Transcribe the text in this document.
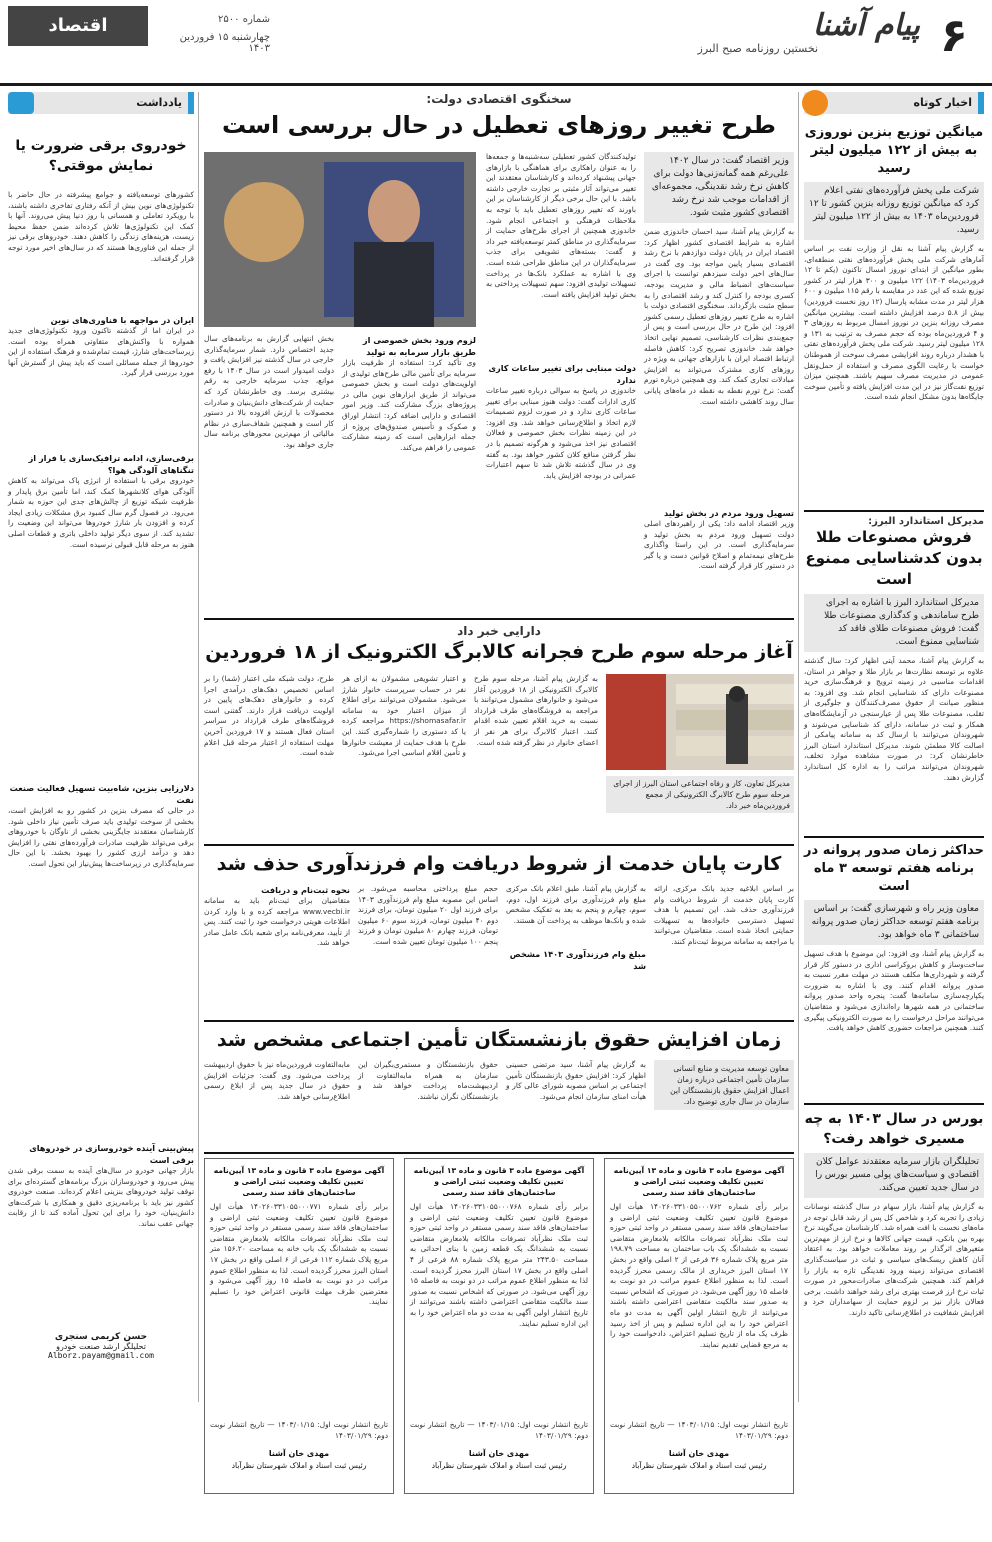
۶
پیام آشنا
نخستین روزنامه صبح البرز
شماره ۲۵۰۰
چهارشنبه ۱۵ فروردین ۱۴۰۳
اقتصاد
اخبار کوتاه
میانگین توزیع بنزین نوروزی به بیش از ۱۲۲ میلیون لیتر رسید
شرکت ملی پخش فرآورده‌های نفتی اعلام کرد که میانگین توزیع روزانه بنزین کشور تا ۱۲ فروردین‌ماه ۱۴۰۳ به بیش از ۱۲۲ میلیون لیتر رسید.
به گزارش پیام آشنا به نقل از وزارت نفت بر اساس آمارهای شرکت ملی پخش فرآورده‌های نفتی منطقه‌ای، بطور میانگین از ابتدای نوروز امسال تاکنون (یکم تا ۱۲ فروردین‌ماه ۱۴۰۳) ۱۲۲ میلیون و ۳۰۰ هزار لیتر در کشور توزیع شده که این عدد در مقایسه با رقم ۱۱۵ میلیون و ۶۰۰ هزار لیتر در مدت مشابه پارسال (۱۲ روز نخست فروردین) بیش از ۵.۸ درصد افزایش داشته است. بیشترین میانگین مصرف روزانه بنزین در نوروز امسال مربوط به روزهای ۳ و ۴ فروردین‌ماه بوده که حجم مصرف به ترتیب به ۱۳۱ و ۱۲۸ میلیون لیتر رسید. شرکت ملی پخش فرآورده‌های نفتی با هشدار درباره روند افزایشی مصرف سوخت از هموطنان خواست با رعایت الگوی مصرف و استفاده از حمل‌ونقل عمومی در مدیریت مصرف سهیم باشند. همچنین میزان توزیع نفت‌گاز نیز در این مدت افزایش یافته و تأمین سوخت جایگاه‌ها بدون مشکل انجام شده است.
مدیرکل استاندارد البرز:
فروش مصنوعات طلا بدون کدشناسایی ممنوع است
مدیرکل استاندارد البرز با اشاره به اجرای طرح ساماندهی و کدگذاری مصنوعات طلا گفت: فروش مصنوعات طلای فاقد کد شناسایی ممنوع است.
به گزارش پیام آشنا، محمد آیتی اظهار کرد: سال گذشته علاوه بر توسعه نظارت‌ها بر بازار طلا و جواهر در استان، اقدامات مناسبی در زمینه ترویج و فرهنگ‌سازی خرید مصنوعات دارای کد شناسایی انجام شد. وی افزود: به منظور صیانت از حقوق مصرف‌کنندگان و جلوگیری از تقلب، مصنوعات طلا پس از عیارسنجی در آزمایشگاه‌های همکار و ثبت در سامانه، دارای کد شناسایی می‌شوند و شهروندان می‌توانند با ارسال کد به سامانه پیامکی از اصالت کالا مطمئن شوند. مدیرکل استاندارد استان البرز خاطرنشان کرد: در صورت مشاهده موارد تخلف، شهروندان می‌توانند مراتب را به اداره کل استاندارد گزارش دهند.
حداکثر زمان صدور پروانه در برنامه هفتم توسعه ۳ ماه است
معاون وزیر راه و شهرسازی گفت: بر اساس برنامه هفتم توسعه حداکثر زمان صدور پروانه ساختمانی ۳ ماه خواهد بود.
به گزارش پیام آشنا، وی افزود: این موضوع با هدف تسهیل ساخت‌وساز و کاهش بروکراسی اداری در دستور کار قرار گرفته و شهرداری‌ها مکلف هستند در مهلت مقرر نسبت به صدور پروانه اقدام کنند. وی با اشاره به ضرورت یکپارچه‌سازی سامانه‌ها گفت: پنجره واحد صدور پروانه ساختمانی در همه شهرها راه‌اندازی می‌شود و متقاضیان می‌توانند مراحل درخواست را به صورت الکترونیکی پیگیری کنند. همچنین مراجعات حضوری کاهش خواهد یافت.
بورس در سال ۱۴۰۳ به چه مسیری خواهد رفت؟
تحلیلگران بازار سرمایه معتقدند عوامل کلان اقتصادی و سیاست‌های پولی مسیر بورس را در سال جدید تعیین می‌کند.
به گزارش پیام آشنا، بازار سهام در سال گذشته نوسانات زیادی را تجربه کرد و شاخص کل پس از رشد قابل توجه در ماه‌های نخست با افت همراه شد. کارشناسان می‌گویند نرخ بهره بین بانکی، قیمت جهانی کالاها و نرخ ارز از مهم‌ترین متغیرهای اثرگذار بر روند معاملات خواهد بود. به اعتقاد آنان کاهش ریسک‌های سیاسی و ثبات در سیاست‌گذاری اقتصادی می‌تواند زمینه ورود نقدینگی تازه به بازار را فراهم کند. همچنین شرکت‌های صادرات‌محور در صورت ثبات نرخ ارز فرصت بهتری برای رشد خواهند داشت. برخی فعالان بازار نیز بر لزوم حمایت از سهامداران خرد و افزایش شفافیت در اطلاع‌رسانی تاکید دارند.
یادداشت
خودروی برقی ضرورت یا نمایش موقتی؟
کشورهای توسعه‌یافته و جوامع پیشرفته در حال حاضر با تکنولوژی‌های نوین بیش از آنکه رفتاری تفاخری داشته باشند، با رویکرد تعاملی و همسانی با روز دنیا پیش می‌روند. آنها با کمک این تکنولوژی‌ها تلاش کرده‌اند ضمن حفظ محیط زیست، هزینه‌های زندگی را کاهش دهند. خودروهای برقی نیز از جمله این فناوری‌ها هستند که در سال‌های اخیر مورد توجه قرار گرفته‌اند.
ایران در مواجهه با فناوری‌های نوین
در ایران اما از گذشته تاکنون ورود تکنولوژی‌های جدید همواره با واکنش‌های متفاوتی همراه بوده است. زیرساخت‌های شارژ، قیمت تمام‌شده و فرهنگ استفاده از این خودروها از جمله مسائلی است که باید پیش از گسترش آنها مورد بررسی قرار گیرد.
برقی‌سازی، ادامه ترافیک‌سازی یا فرار از تنگناهای آلودگی هوا؟
خودروی برقی با استفاده از انرژی پاک می‌تواند به کاهش آلودگی هوای کلانشهرها کمک کند، اما تأمین برق پایدار و ظرفیت شبکه توزیع از چالش‌های جدی این حوزه به شمار می‌رود. در فصول گرم سال کمبود برق مشکلات زیادی ایجاد کرده و افزودن بار شارژ خودروها می‌تواند این وضعیت را تشدید کند. از سوی دیگر تولید داخلی باتری و قطعات اصلی هنوز به مرحله قابل قبولی نرسیده است.
دلارزایی بنزین، شاه‌بیت تسهیل فعالیت صنعت نفت
در حالی که مصرف بنزین در کشور رو به افزایش است، بخشی از سوخت تولیدی باید صرف تأمین نیاز داخلی شود. کارشناسان معتقدند جایگزینی بخشی از ناوگان با خودروهای برقی می‌تواند ظرفیت صادرات فرآورده‌های نفتی را افزایش دهد و درآمد ارزی کشور را بهبود بخشد. با این حال سرمایه‌گذاری در زیرساخت‌ها پیش‌نیاز این تحول است.
پیش‌بینی آینده خودروسازی در خودروهای برقی است
بازار جهانی خودرو در سال‌های آینده به سمت برقی شدن پیش می‌رود و خودروسازان بزرگ برنامه‌های گسترده‌ای برای توقف تولید خودروهای بنزینی اعلام کرده‌اند. صنعت خودروی کشور نیز باید با برنامه‌ریزی دقیق و همکاری با شرکت‌های دانش‌بنیان، خود را برای این تحول آماده کند تا از رقابت جهانی عقب نماند.
حسن کریمی سنجری
تحلیلگر ارشد صنعت خودرو
Alborz.payam@gmail.com
سخنگوی اقتصادی دولت:
طرح تغییر روزهای تعطیل در حال بررسی است
وزیر اقتصاد گفت: در سال ۱۴۰۲ علی‌رغم همه گمانه‌زنی‌ها دولت برای کاهش نرخ رشد نقدینگی، مجموعه‌ای از اقدامات موجب شد نرخ رشد اقتصادی کشور مثبت شود.
به گزارش پیام آشنا، سید احسان خاندوزی ضمن اشاره به شرایط اقتصادی کشور اظهار کرد: اقتصاد ایران در پایان دولت دوازدهم با نرخ رشد اقتصادی بسیار پایین مواجه بود. وی گفت در سال‌های اخیر دولت سیزدهم توانست با اجرای سیاست‌های انضباط مالی و مدیریت بودجه، کسری بودجه را کنترل کند و رشد اقتصادی را به سطح مثبت بازگرداند. سخنگوی اقتصادی دولت با اشاره به طرح تغییر روزهای تعطیل رسمی کشور افزود: این طرح در حال بررسی است و پس از جمع‌بندی نظرات کارشناسی، تصمیم نهایی اتخاذ خواهد شد. خاندوزی تصریح کرد: کاهش فاصله ارتباط اقتصاد ایران با بازارهای جهانی به ویژه در روزهای کاری مشترک می‌تواند به افزایش مبادلات تجاری کمک کند. وی همچنین درباره تورم گفت: نرخ تورم نقطه به نقطه در ماه‌های پایانی سال روند کاهشی داشته است.
تسهیل ورود مردم در بخش تولید
وزیر اقتصاد ادامه داد: یکی از راهبردهای اصلی دولت تسهیل ورود مردم به بخش تولید و سرمایه‌گذاری است. در این راستا واگذاری طرح‌های نیمه‌تمام و اصلاح قوانین دست و پا گیر در دستور کار قرار گرفته است.
تولیدکنندگان کشور تعطیلی سه‌شنبه‌ها و جمعه‌ها را به عنوان راهکاری برای هماهنگی با بازارهای جهانی پیشنهاد کرده‌اند و کارشناسان معتقدند این تغییر می‌تواند آثار مثبتی بر تجارت خارجی داشته باشد. با این حال برخی دیگر از کارشناسان بر این باورند که تغییر روزهای تعطیل باید با توجه به ملاحظات فرهنگی و اجتماعی انجام شود. خاندوزی همچنین از اجرای طرح‌های حمایت از سرمایه‌گذاری در مناطق کمتر توسعه‌یافته خبر داد و گفت: بسته‌های تشویقی برای جذب سرمایه‌گذاران در این مناطق طراحی شده است. وی با اشاره به عملکرد بانک‌ها در پرداخت تسهیلات تولیدی افزود: سهم تسهیلات پرداختی به بخش تولید افزایش یافته است.
دولت مبنایی برای تغییر ساعات کاری ندارد
خاندوزی در پاسخ به سوالی درباره تغییر ساعات کاری ادارات گفت: دولت هنوز مبنایی برای تغییر ساعات کاری ندارد و در صورت لزوم تصمیمات لازم اتخاذ و اطلاع‌رسانی خواهد شد. وی افزود: در این زمینه نظرات بخش خصوصی و فعالان اقتصادی نیز اخذ می‌شود و هرگونه تصمیم با در نظر گرفتن منافع کلان کشور خواهد بود. به گفته وی در سال گذشته تلاش شد تا سهم اعتبارات عمرانی در بودجه افزایش یابد.
لزوم ورود بخش خصوصی از طریق بازار سرمایه به تولید
وی تأکید کرد: استفاده از ظرفیت بازار سرمایه برای تأمین مالی طرح‌های تولیدی از اولویت‌های دولت است و بخش خصوصی می‌تواند از طریق ابزارهای نوین مالی در پروژه‌های بزرگ مشارکت کند. وزیر امور اقتصادی و دارایی اضافه کرد: انتشار اوراق و صکوک و تأسیس صندوق‌های پروژه از جمله ابزارهایی است که زمینه مشارکت عمومی را فراهم می‌کند.
بخش انتهایی گزارش به برنامه‌های سال جدید اختصاص دارد. شمار سرمایه‌گذاری خارجی در سال گذشته نیز افزایش یافت و دولت امیدوار است در سال ۱۴۰۳ با رفع موانع، جذب سرمایه خارجی به رقم بیشتری برسد. وی خاطرنشان کرد که حمایت از شرکت‌های دانش‌بنیان و صادرات محصولات با ارزش افزوده بالا در دستور کار است و همچنین شفاف‌سازی در نظام مالیاتی از مهم‌ترین محورهای برنامه سال جاری خواهد بود.
دارایی خبر داد
آغاز مرحله سوم طرح فجرانه کالابرگ الکترونیک از ۱۸ فروردین
مدیرکل تعاون، کار و رفاه اجتماعی استان البرز از اجرای مرحله سوم طرح کالابرگ الکترونیکی از مجمع فروردین‌ماه خبر داد.
به گزارش پیام آشنا، مرحله سوم طرح کالابرگ الکترونیکی از ۱۸ فروردین آغاز می‌شود و خانوارهای مشمول می‌توانند با مراجعه به فروشگاه‌های طرف قرارداد نسبت به خرید اقلام تعیین شده اقدام کنند. اعتبار کالابرگ برای هر نفر از اعضای خانوار در نظر گرفته شده است.
و اعتبار تشویقی مشمولان به ازای هر نفر در حساب سرپرست خانوار شارژ می‌شود. مشمولان می‌توانند برای اطلاع از میزان اعتبار خود به سامانه https://shomasafar.ir مراجعه کرده یا کد دستوری را شماره‌گیری کنند. این طرح با هدف حمایت از معیشت خانوارها و تأمین اقلام اساسی اجرا می‌شود.
طرح، دولت شبکه ملی اعتبار (شما) را بر اساس تخصیص دهک‌های درآمدی اجرا کرده و خانوارهای دهک‌های پایین در اولویت دریافت قرار دارند. گفتنی است فروشگاه‌های طرف قرارداد در سراسر استان فعال هستند و ۱۷ فروردین آخرین مهلت استفاده از اعتبار مرحله قبل اعلام شده است.
کارت پایان خدمت از شروط دریافت وام فرزندآوری حذف شد
بر اساس ابلاغیه جدید بانک مرکزی، ارائه کارت پایان خدمت از شروط دریافت وام فرزندآوری حذف شد. این تصمیم با هدف تسهیل دسترسی خانواده‌ها به تسهیلات حمایتی اتخاذ شده است. متقاضیان می‌توانند با مراجعه به سامانه مربوط ثبت‌نام کنند.
به گزارش پیام آشنا، طبق اعلام بانک مرکزی مبلغ وام فرزندآوری برای فرزند اول، دوم، سوم، چهارم و پنجم به بعد به تفکیک مشخص شده و بانک‌ها موظف به پرداخت آن هستند.
مبلغ وام فرزندآوری ۱۴۰۳ مشخص شد
حجم مبلغ پرداختی محاسبه می‌شود. بر اساس این مصوبه مبلغ وام فرزندآوری ۱۴۰۳ برای فرزند اول ۲۰ میلیون تومان، برای فرزند دوم ۴۰ میلیون تومان، فرزند سوم ۶۰ میلیون تومان، فرزند چهارم ۸۰ میلیون تومان و فرزند پنجم ۱۰۰ میلیون تومان تعیین شده است.
نحوه ثبت‌نام و دریافت
متقاضیان برای ثبت‌نام باید به سامانه www.vecbi.ir مراجعه کرده و با وارد کردن اطلاعات هویتی درخواست خود را ثبت کنند. پس از تأیید، معرفی‌نامه برای شعبه بانک عامل صادر خواهد شد.
زمان افزایش حقوق بازنشستگان تأمین اجتماعی مشخص شد
معاون توسعه مدیریت و منابع انسانی سازمان تأمین اجتماعی درباره زمان اعمال افزایش حقوق بازنشستگان این سازمان در سال جاری توضیح داد.
به گزارش پیام آشنا، سید مرتضی حسینی اظهار کرد: افزایش حقوق بازنشستگان تأمین اجتماعی بر اساس مصوبه شورای عالی کار و هیأت امنای سازمان انجام می‌شود.
حقوق بازنشستگان و مستمری‌بگیران این سازمان به همراه مابه‌التفاوت از اردیبهشت‌ماه پرداخت خواهد شد و بازنشستگان نگران نباشند.
مابه‌التفاوت فروردین‌ماه نیز با حقوق اردیبهشت پرداخت می‌شود. وی گفت: جزئیات افزایش حقوق در سال جدید پس از ابلاغ رسمی اطلاع‌رسانی خواهد شد.
آگهی موضوع ماده ۳ قانون و ماده ۱۳ آیین‌نامه تعیین تکلیف وضعیت ثبتی اراضی و ساختمان‌های فاقد سند رسمی
برابر رأی شماره ۱۴۰۲۶۰۳۳۱۰۵۵۰۰۰۷۶۲ هیأت اول موضوع قانون تعیین تکلیف وضعیت ثبتی اراضی و ساختمان‌های فاقد سند رسمی مستقر در واحد ثبتی حوزه ثبت ملک نظرآباد تصرفات مالکانه بلامعارض متقاضی نسبت به ششدانگ یک باب ساختمان به مساحت ۱۹۸.۷۹ متر مربع پلاک شماره ۳۶ فرعی از ۲ اصلی واقع در بخش ۱۷ استان البرز خریداری از مالک رسمی محرز گردیده است. لذا به منظور اطلاع عموم مراتب در دو نوبت به فاصله ۱۵ روز آگهی می‌شود. در صورتی که اشخاص نسبت به صدور سند مالکیت متقاضی اعتراضی داشته باشند می‌توانند از تاریخ انتشار اولین آگهی به مدت دو ماه اعتراض خود را به این اداره تسلیم و پس از اخذ رسید ظرف یک ماه از تاریخ تسلیم اعتراض، دادخواست خود را به مرجع قضایی تقدیم نمایند.
تاریخ انتشار نوبت اول: ۱۴۰۳/۰۱/۱۵ — تاریخ انتشار نوبت دوم: ۱۴۰۳/۰۱/۲۹
مهدی خان آشنا
رئیس ثبت اسناد و املاک شهرستان نظرآباد
آگهی موضوع ماده ۳ قانون و ماده ۱۳ آیین‌نامه تعیین تکلیف وضعیت ثبتی اراضی و ساختمان‌های فاقد سند رسمی
برابر رأی شماره ۱۴۰۲۶۰۳۳۱۰۵۵۰۰۰۷۶۸ هیأت اول موضوع قانون تعیین تکلیف وضعیت ثبتی اراضی و ساختمان‌های فاقد سند رسمی مستقر در واحد ثبتی حوزه ثبت ملک نظرآباد تصرفات مالکانه بلامعارض متقاضی نسبت به ششدانگ یک قطعه زمین با بنای احداثی به مساحت ۲۴۳.۵۰ متر مربع پلاک شماره ۸۸ فرعی از ۴ اصلی واقع در بخش ۱۷ استان البرز محرز گردیده است. لذا به منظور اطلاع عموم مراتب در دو نوبت به فاصله ۱۵ روز آگهی می‌شود. در صورتی که اشخاص نسبت به صدور سند مالکیت متقاضی اعتراضی داشته باشند می‌توانند از تاریخ انتشار اولین آگهی به مدت دو ماه اعتراض خود را به این اداره تسلیم نمایند.
تاریخ انتشار نوبت اول: ۱۴۰۳/۰۱/۱۵ — تاریخ انتشار نوبت دوم: ۱۴۰۳/۰۱/۲۹
مهدی خان آشنا
رئیس ثبت اسناد و املاک شهرستان نظرآباد
آگهی موضوع ماده ۳ قانون و ماده ۱۳ آیین‌نامه تعیین تکلیف وضعیت ثبتی اراضی و ساختمان‌های فاقد سند رسمی
برابر رأی شماره ۱۴۰۲۶۰۳۳۱۰۵۵۰۰۰۷۷۱ هیأت اول موضوع قانون تعیین تکلیف وضعیت ثبتی اراضی و ساختمان‌های فاقد سند رسمی مستقر در واحد ثبتی حوزه ثبت ملک نظرآباد تصرفات مالکانه بلامعارض متقاضی نسبت به ششدانگ یک باب خانه به مساحت ۱۵۶.۲۰ متر مربع پلاک شماره ۱۱۲ فرعی از ۶ اصلی واقع در بخش ۱۷ استان البرز محرز گردیده است. لذا به منظور اطلاع عموم مراتب در دو نوبت به فاصله ۱۵ روز آگهی می‌شود و معترضین ظرف مهلت قانونی اعتراض خود را تسلیم نمایند.
تاریخ انتشار نوبت اول: ۱۴۰۳/۰۱/۱۵ — تاریخ انتشار نوبت دوم: ۱۴۰۳/۰۱/۲۹
مهدی خان آشنا
رئیس ثبت اسناد و املاک شهرستان نظرآباد
